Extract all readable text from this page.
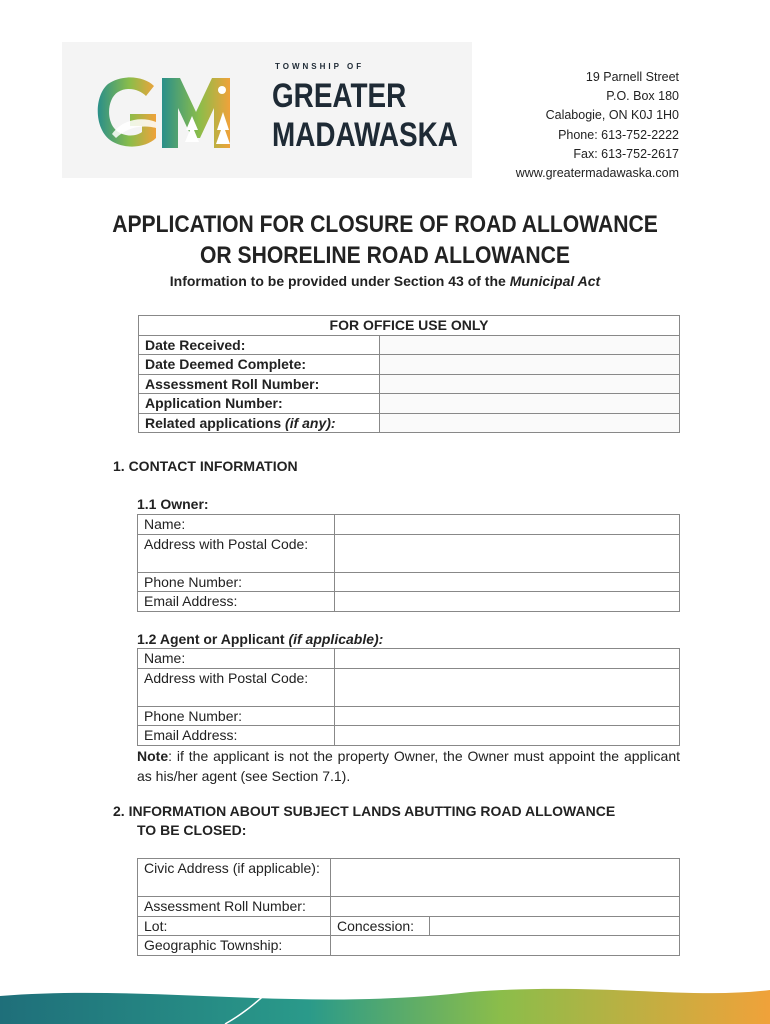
TOWNSHIP OF
GREATER
MADAWASKA
19 Parnell Street
P.O. Box 180
Calabogie, ON K0J 1H0
Phone: 613-752-2222
Fax: 613-752-2617
www.greatermadawaska.com
APPLICATION FOR CLOSURE OF ROAD ALLOWANCE
OR SHORELINE ROAD ALLOWANCE
Information to be provided under Section 43 of the Municipal Act
FOR OFFICE USE ONLY	
Date Received:	
Date Deemed Complete:	
Assessment Roll Number:	
Application Number:	
Related applications (if any):	
1. CONTACT INFORMATION
1.1 Owner:
Name:	
Address with Postal Code:	
Phone Number:	
Email Address:	
1.2 Agent or Applicant (if applicable):
Name:	
Address with Postal Code:	
Phone Number:	
Email Address:	
Note: if the applicant is not the property Owner, the Owner must appoint the applicant as his/her agent (see Section 7.1).
2. INFORMATION ABOUT SUBJECT LANDS ABUTTING ROAD ALLOWANCE
TO BE CLOSED:
Civic Address (if applicable):		
Assessment Roll Number:		
Lot:	Concession:	
Geographic Township:		
